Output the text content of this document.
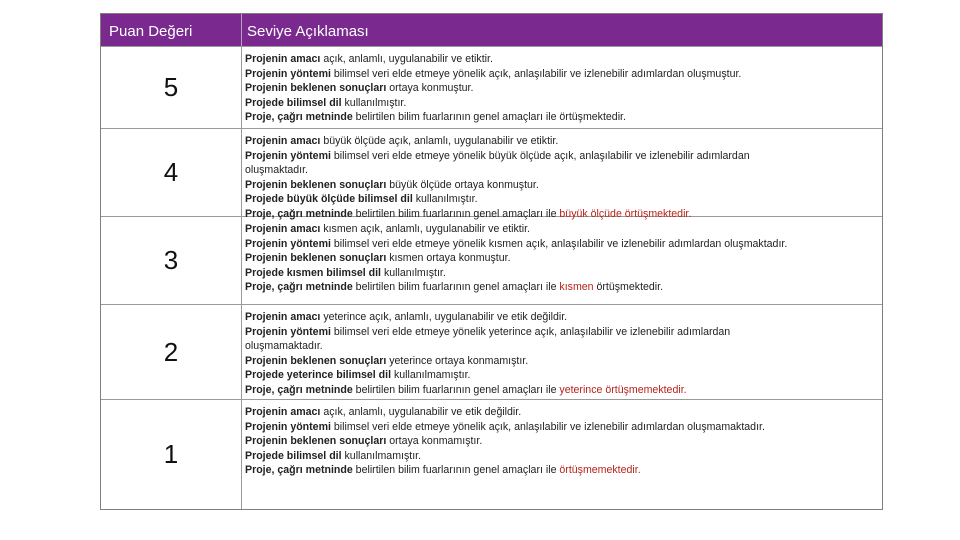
Puan Değeri	Seviye Açıklaması
5
Projenin amacı açık, anlamlı, uygulanabilir ve etiktir.
Projenin yöntemi bilimsel veri elde etmeye yönelik açık, anlaşılabilir ve izlenebilir adımlardan oluşmuştur.
Projenin beklenen sonuçları ortaya konmuştur.
Projede bilimsel dil kullanılmıştır.
Proje, çağrı metninde belirtilen bilim fuarlarının genel amaçları ile örtüşmektedir.
4
Projenin amacı büyük ölçüde açık, anlamlı, uygulanabilir ve etiktir.
Projenin yöntemi bilimsel veri elde etmeye yönelik büyük ölçüde açık, anlaşılabilir ve izlenebilir adımlardan
oluşmaktadır.
Projenin beklenen sonuçları büyük ölçüde ortaya konmuştur.
Projede büyük ölçüde bilimsel dil kullanılmıştır.
Proje, çağrı metninde belirtilen bilim fuarlarının genel amaçları ile büyük ölçüde örtüşmektedir.
3
Projenin amacı kısmen açık, anlamlı, uygulanabilir ve etiktir.
Projenin yöntemi bilimsel veri elde etmeye yönelik kısmen açık, anlaşılabilir ve izlenebilir adımlardan oluşmaktadır.
Projenin beklenen sonuçları kısmen ortaya konmuştur.
Projede kısmen bilimsel dil kullanılmıştır.
Proje, çağrı metninde belirtilen bilim fuarlarının genel amaçları ile kısmen örtüşmektedir.
2
Projenin amacı yeterince açık, anlamlı, uygulanabilir ve etik değildir.
Projenin yöntemi bilimsel veri elde etmeye yönelik yeterince açık, anlaşılabilir ve izlenebilir adımlardan
oluşmamaktadır.
Projenin beklenen sonuçları yeterince ortaya konmamıştır.
Projede yeterince bilimsel dil kullanılmamıştır.
Proje, çağrı metninde belirtilen bilim fuarlarının genel amaçları ile yeterince örtüşmemektedir.
1
Projenin amacı açık, anlamlı, uygulanabilir ve etik değildir.
Projenin yöntemi bilimsel veri elde etmeye yönelik açık, anlaşılabilir ve izlenebilir adımlardan oluşmamaktadır.
Projenin beklenen sonuçları ortaya konmamıştır.
Projede bilimsel dil kullanılmamıştır.
Proje, çağrı metninde belirtilen bilim fuarlarının genel amaçları ile örtüşmemektedir.
